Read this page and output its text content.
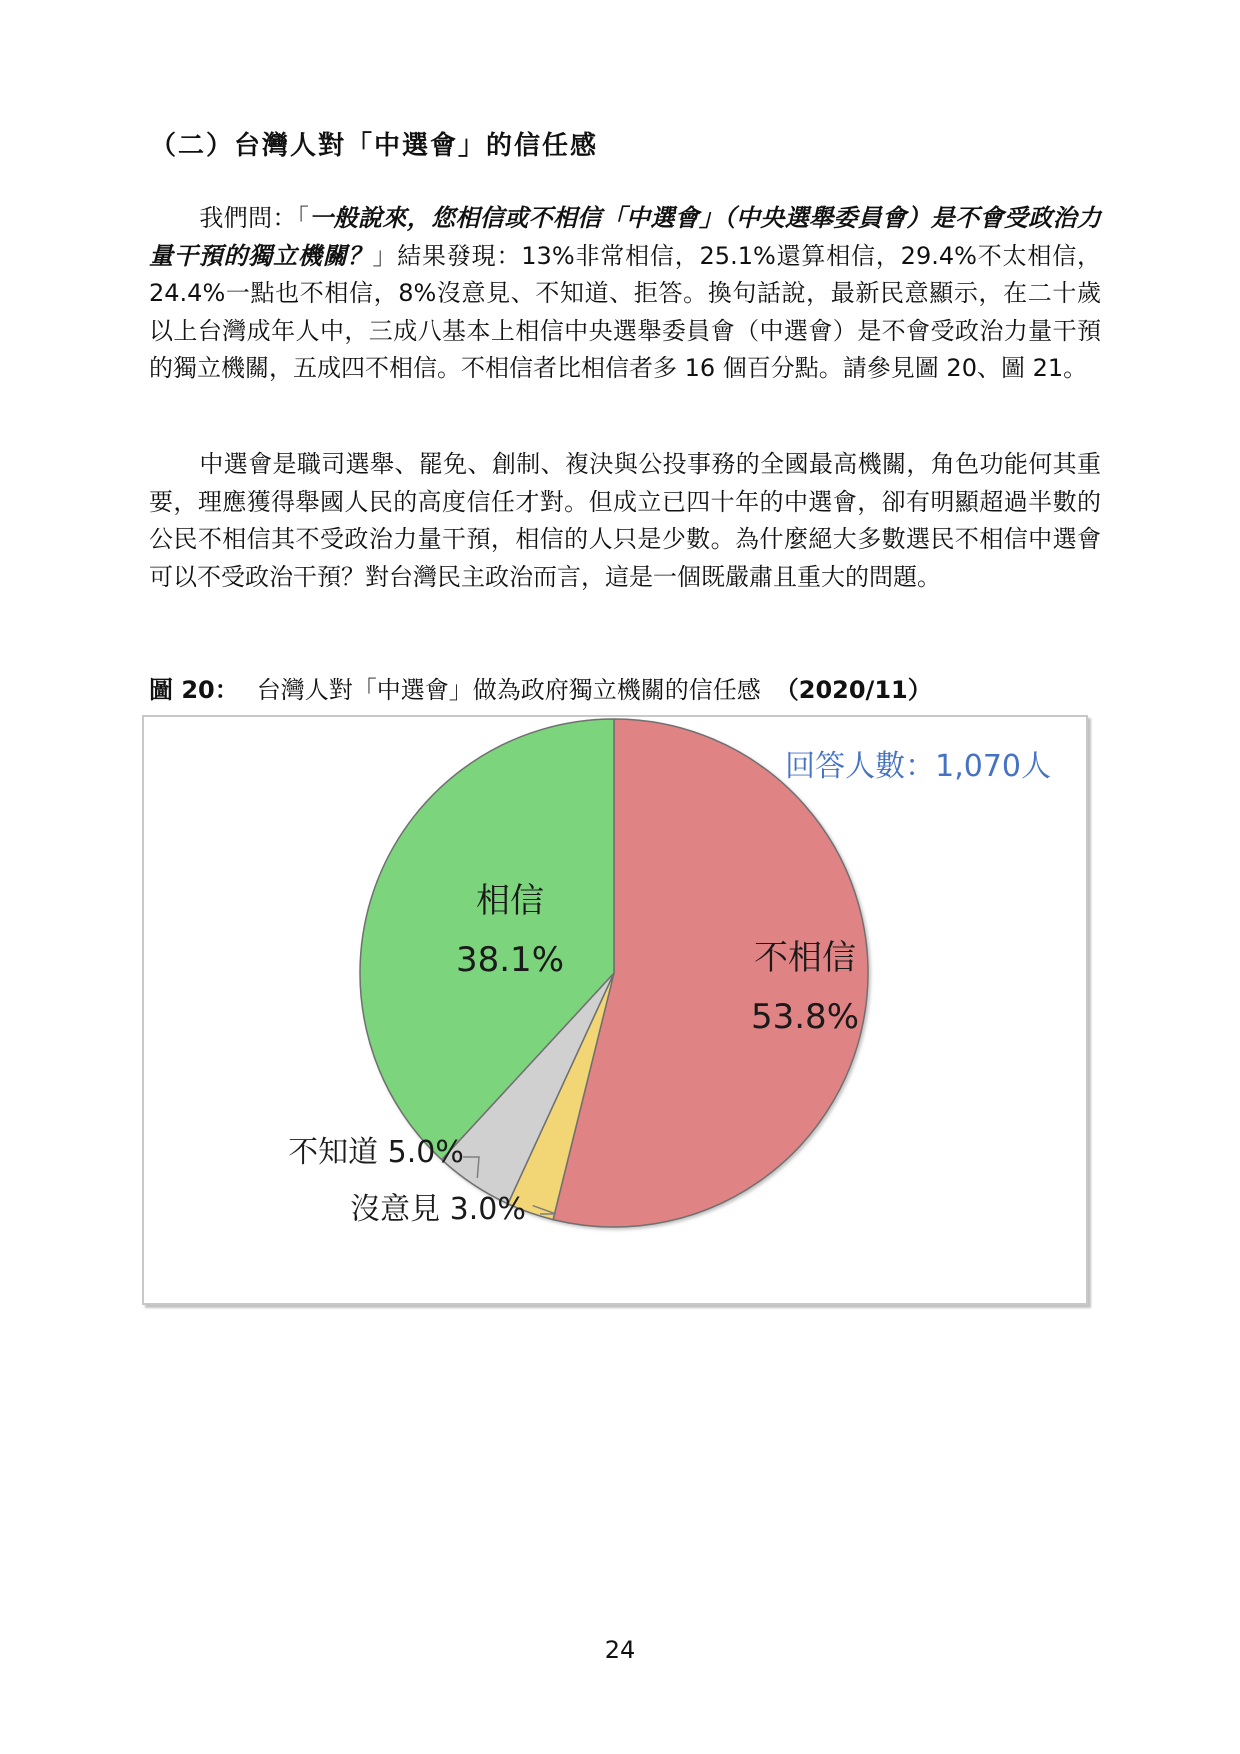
（二）台灣人對「中選會」的信任感

我們問：「一般說來，您相信或不相信「中選會」（中央選舉委員會）是不會受政治力量干預的獨立機關？」結果發現：13%非常相信，25.1%還算相信，29.4%不太相信，24.4%一點也不相信，8%沒意見、不知道、拒答。換句話說，最新民意顯示，在二十歲以上台灣成年人中，三成八基本上相信中央選舉委員會（中選會）是不會受政治力量干預的獨立機關，五成四不相信。不相信者比相信者多 16 個百分點。請參見圖 20、圖 21。

中選會是職司選舉、罷免、創制、複決與公投事務的全國最高機關，角色功能何其重要，理應獲得舉國人民的高度信任才對。但成立已四十年的中選會，卻有明顯超過半數的公民不相信其不受政治力量干預，相信的人只是少數。為什麼絕大多數選民不相信中選會可以不受政治干預？對台灣民主政治而言，這是一個既嚴肅且重大的問題。

圖 20： 台灣人對「中選會」做為政府獨立機關的信任感 （2020/11）

不相信
53.8%
沒意見 3.0%
不知道 5.0%
相信
38.1%
回答人數：1,070人

24
